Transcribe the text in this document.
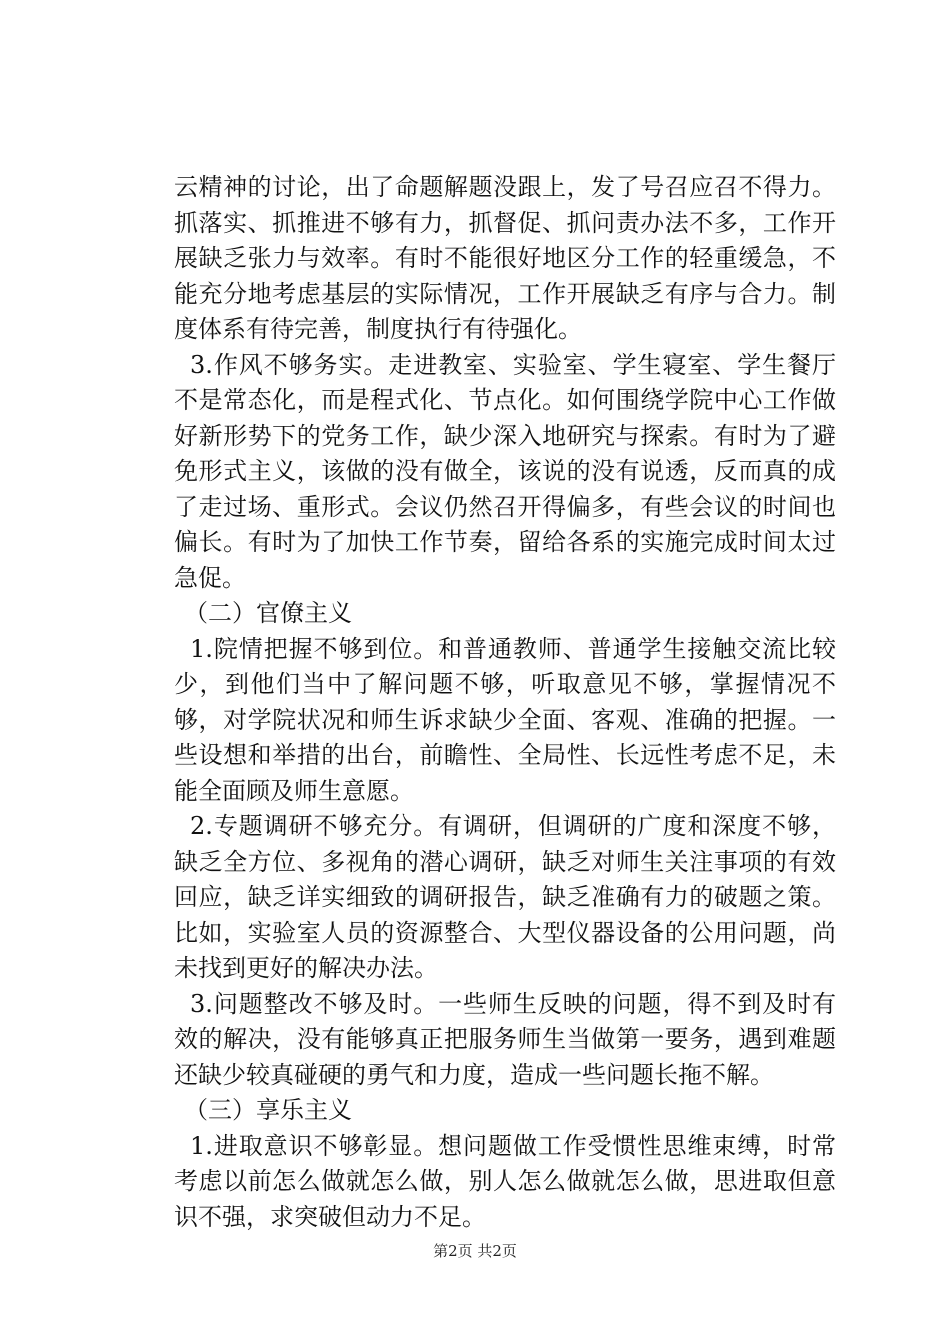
云精神的讨论，出了命题解题没跟上，发了号召应召不得力。抓落实、抓推进不够有力，抓督促、抓问责办法不多，工作开展缺乏张力与效率。有时不能很好地区分工作的轻重缓急，不能充分地考虑基层的实际情况，工作开展缺乏有序与合力。制度体系有待完善，制度执行有待强化。

3.作风不够务实。走进教室、实验室、学生寝室、学生餐厅不是常态化，而是程式化、节点化。如何围绕学院中心工作做好新形势下的党务工作，缺少深入地研究与探索。有时为了避免形式主义，该做的没有做全，该说的没有说透，反而真的成了走过场、重形式。会议仍然召开得偏多，有些会议的时间也偏长。有时为了加快工作节奏，留给各系的实施完成时间太过急促。

（二）官僚主义

1.院情把握不够到位。和普通教师、普通学生接触交流比较少，到他们当中了解问题不够，听取意见不够，掌握情况不够，对学院状况和师生诉求缺少全面、客观、准确的把握。一些设想和举措的出台，前瞻性、全局性、长远性考虑不足，未能全面顾及师生意愿。

2.专题调研不够充分。有调研，但调研的广度和深度不够，缺乏全方位、多视角的潜心调研，缺乏对师生关注事项的有效回应，缺乏详实细致的调研报告，缺乏准确有力的破题之策。比如，实验室人员的资源整合、大型仪器设备的公用问题，尚未找到更好的解决办法。

3.问题整改不够及时。一些师生反映的问题，得不到及时有效的解决，没有能够真正把服务师生当做第一要务，遇到难题还缺少较真碰硬的勇气和力度，造成一些问题长拖不解。

（三）享乐主义

1.进取意识不够彰显。想问题做工作受惯性思维束缚，时常考虑以前怎么做就怎么做，别人怎么做就怎么做，思进取但意识不强，求突破但动力不足。

第2页 共2页
